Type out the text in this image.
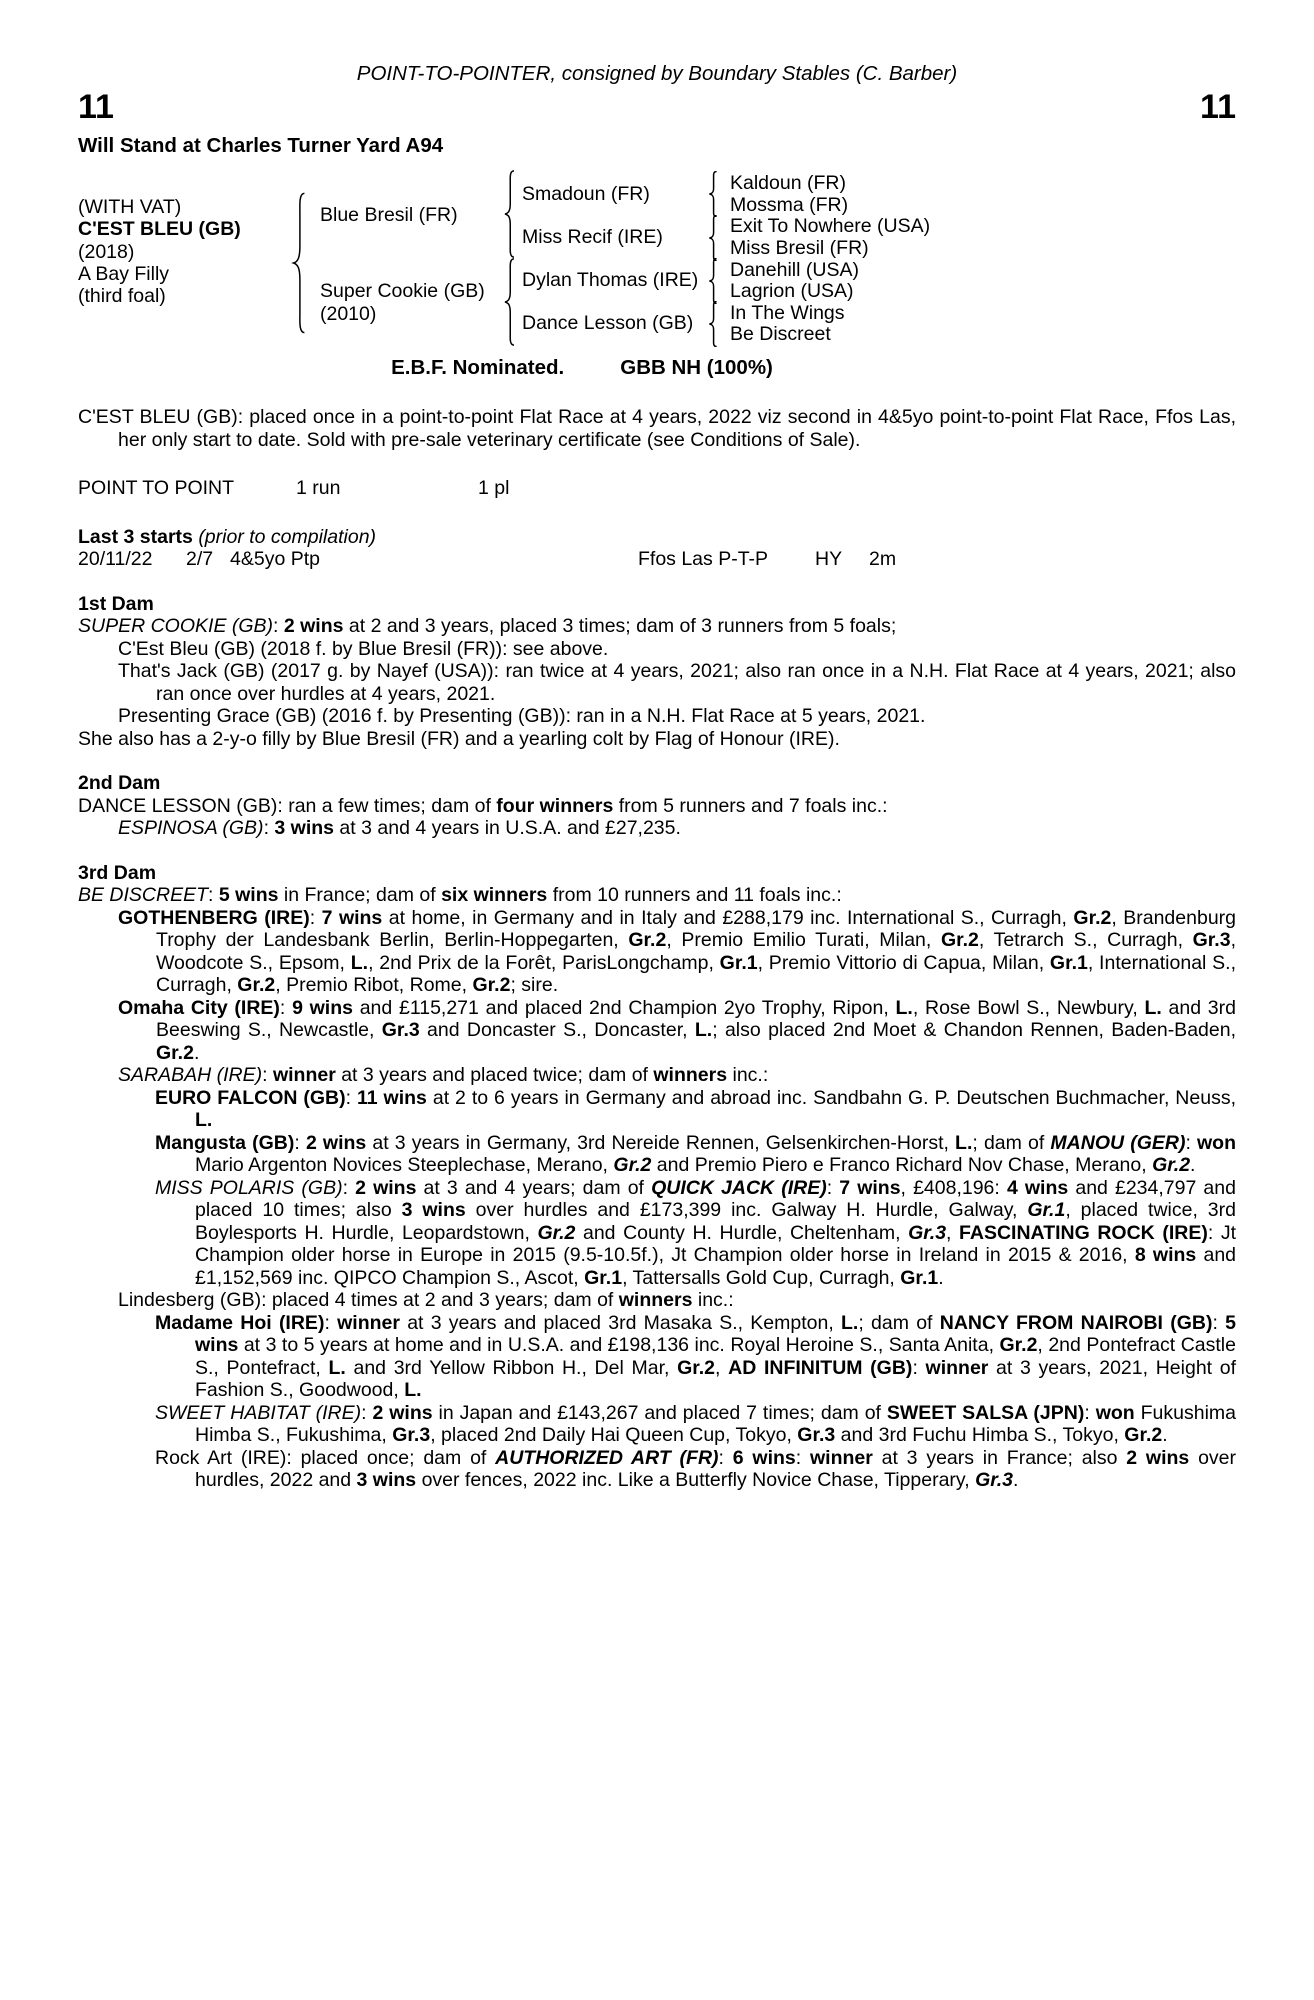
POINT-TO-POINTER, consigned by Boundary Stables (C. Barber)
11	11
Will Stand at Charles Turner Yard A94
(WITH VAT)
C'EST BLEU (GB)
(2018)
A Bay Filly
(third foal)
Blue Bresil (FR)
Super Cookie (GB)
(2010)
Smadoun (FR)
Miss Recif (IRE)
Dylan Thomas (IRE)
Dance Lesson (GB)
Kaldoun (FR)
Mossma (FR)
Exit To Nowhere (USA)
Miss Bresil (FR)
Danehill (USA)
Lagrion (USA)
In The Wings
Be Discreet
E.B.F. Nominated.	GBB NH (100%)

C'EST BLEU (GB): placed once in a point-to-point Flat Race at 4 years, 2022 viz second in 4&5yo point-to-point Flat Race, Ffos Las, her only start to date. Sold with pre-sale veterinary certificate (see Conditions of Sale).

POINT TO POINT	1 run	1 pl
Last 3 starts (prior to compilation)
20/11/22 2/7 4&5yo Ptp	Ffos Las P-T-P HY 2m
1st Dam

SUPER COOKIE (GB): 2 wins at 2 and 3 years, placed 3 times; dam of 3 runners from 5 foals;

C'Est Bleu (GB) (2018 f. by Blue Bresil (FR)): see above.

That's Jack (GB) (2017 g. by Nayef (USA)): ran twice at 4 years, 2021; also ran once in a N.H. Flat Race at 4 years, 2021; also ran once over hurdles at 4 years, 2021.

Presenting Grace (GB) (2016 f. by Presenting (GB)): ran in a N.H. Flat Race at 5 years, 2021.

She also has a 2-y-o filly by Blue Bresil (FR) and a yearling colt by Flag of Honour (IRE).

2nd Dam

DANCE LESSON (GB): ran a few times; dam of four winners from 5 runners and 7 foals inc.:

ESPINOSA (GB): 3 wins at 3 and 4 years in U.S.A. and £27,235.

3rd Dam

BE DISCREET: 5 wins in France; dam of six winners from 10 runners and 11 foals inc.:

GOTHENBERG (IRE): 7 wins at home, in Germany and in Italy and £288,179 inc. International S., Curragh, Gr.2, Brandenburg Trophy der Landesbank Berlin, Berlin-Hoppegarten, Gr.2, Premio Emilio Turati, Milan, Gr.2, Tetrarch S., Curragh, Gr.3, Woodcote S., Epsom, L., 2nd Prix de la Forêt, ParisLongchamp, Gr.1, Premio Vittorio di Capua, Milan, Gr.1, International S., Curragh, Gr.2, Premio Ribot, Rome, Gr.2; sire.

Omaha City (IRE): 9 wins and £115,271 and placed 2nd Champion 2yo Trophy, Ripon, L., Rose Bowl S., Newbury, L. and 3rd Beeswing S., Newcastle, Gr.3 and Doncaster S., Doncaster, L.; also placed 2nd Moet & Chandon Rennen, Baden-Baden, Gr.2.

SARABAH (IRE): winner at 3 years and placed twice; dam of winners inc.:

EURO FALCON (GB): 11 wins at 2 to 6 years in Germany and abroad inc. Sandbahn G. P. Deutschen Buchmacher, Neuss, L.

Mangusta (GB): 2 wins at 3 years in Germany, 3rd Nereide Rennen, Gelsenkirchen-Horst, L.; dam of MANOU (GER): won Mario Argenton Novices Steeplechase, Merano, Gr.2 and Premio Piero e Franco Richard Nov Chase, Merano, Gr.2.

MISS POLARIS (GB): 2 wins at 3 and 4 years; dam of QUICK JACK (IRE): 7 wins, £408,196: 4 wins and £234,797 and placed 10 times; also 3 wins over hurdles and £173,399 inc. Galway H. Hurdle, Galway, Gr.1, placed twice, 3rd Boylesports H. Hurdle, Leopardstown, Gr.2 and County H. Hurdle, Cheltenham, Gr.3, FASCINATING ROCK (IRE): Jt Champion older horse in Europe in 2015 (9.5-10.5f.), Jt Champion older horse in Ireland in 2015 & 2016, 8 wins and £1,152,569 inc. QIPCO Champion S., Ascot, Gr.1, Tattersalls Gold Cup, Curragh, Gr.1.

Lindesberg (GB): placed 4 times at 2 and 3 years; dam of winners inc.:

Madame Hoi (IRE): winner at 3 years and placed 3rd Masaka S., Kempton, L.; dam of NANCY FROM NAIROBI (GB): 5 wins at 3 to 5 years at home and in U.S.A. and £198,136 inc. Royal Heroine S., Santa Anita, Gr.2, 2nd Pontefract Castle S., Pontefract, L. and 3rd Yellow Ribbon H., Del Mar, Gr.2, AD INFINITUM (GB): winner at 3 years, 2021, Height of Fashion S., Goodwood, L.

SWEET HABITAT (IRE): 2 wins in Japan and £143,267 and placed 7 times; dam of SWEET SALSA (JPN): won Fukushima Himba S., Fukushima, Gr.3, placed 2nd Daily Hai Queen Cup, Tokyo, Gr.3 and 3rd Fuchu Himba S., Tokyo, Gr.2.

Rock Art (IRE): placed once; dam of AUTHORIZED ART (FR): 6 wins: winner at 3 years in France; also 2 wins over hurdles, 2022 and 3 wins over fences, 2022 inc. Like a Butterfly Novice Chase, Tipperary, Gr.3.
